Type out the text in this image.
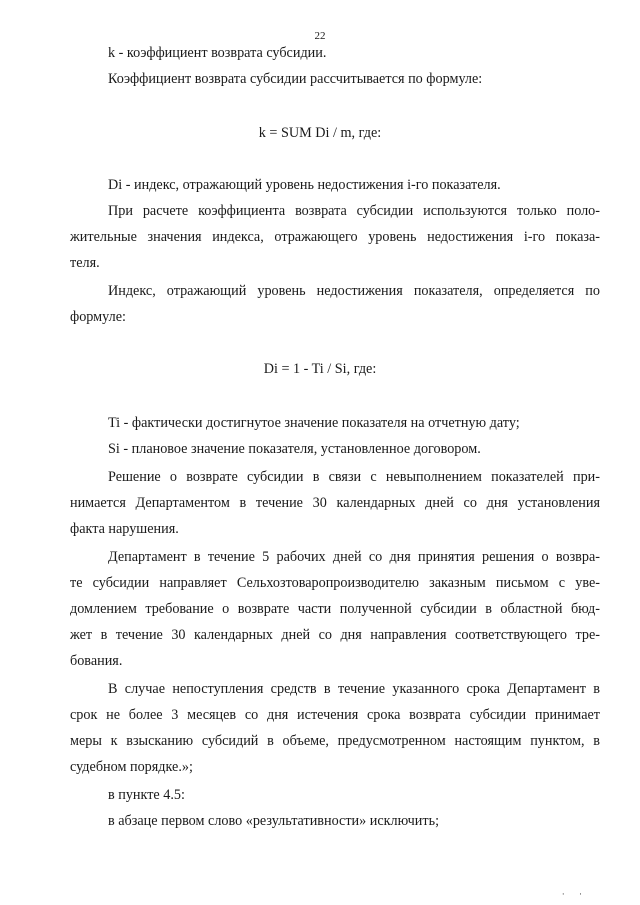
22

k - коэффициент возврата субсидии.

Коэффициент возврата субсидии рассчитывается по формуле:

k = SUM Di / m, где:

Di - индекс, отражающий уровень недостижения i-го показателя.

При расчете коэффициента возврата субсидии используются только поло-

жительные значения индекса, отражающего уровень недостижения i-го показа-

теля.

Индекс, отражающий уровень недостижения показателя, определяется по

формуле:

Di = 1 - Ti / Si, где:

Ti - фактически достигнутое значение показателя на отчетную дату;

Si - плановое значение показателя, установленное договором.

Решение о возврате субсидии в связи с невыполнением показателей при-

нимается Департаментом в течение 30 календарных дней со дня установления

факта нарушения.

Департамент в течение 5 рабочих дней со дня принятия решения о возвра-

те субсидии направляет Сельхозтоваропроизводителю заказным письмом с уве-

домлением требование о возврате части полученной субсидии в областной бюд-

жет в течение 30 календарных дней со дня направления соответствующего тре-

бования.

В случае непоступления средств в течение указанного срока Департамент в

срок не более 3 месяцев со дня истечения срока возврата субсидии принимает

меры к взысканию субсидий в объеме, предусмотренном настоящим пунктом, в

судебном порядке.»;

в пункте 4.5:

в абзаце первом слово «результативности» исключить;

· ·
